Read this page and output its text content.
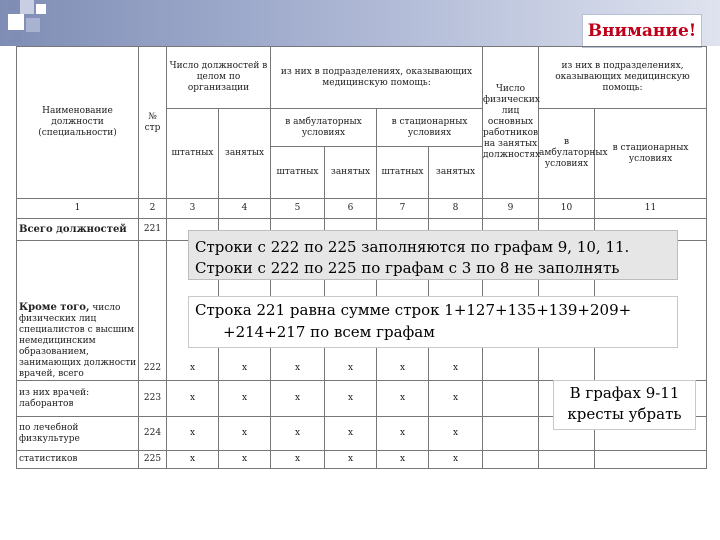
Внимание!
Наименование должности (специальности)	№ стр	Число должностей в целом по организации		из них в подразделениях, оказывающих медицинскую помощь:				Число физических лиц основных работников на занятых должностях	из них в подразделениях, оказывающих медицинскую помощь:	
		штатных	занятых	в амбулаторных условиях		в стационарных условиях			в амбулаторных условиях	в стационарных условиях
				штатных	занятых	штатных	занятых			
1	2	3	4	5	6	7	8	9	10	11
Всего должностей	221									
Кроме того, число физических лиц специалистов с высшим немедицинским образованием, занимающих должности врачей, всего	222	x	x	x	x	x	x			
из них врачей: лаборантов	223	x	x	x	x	x	x			
по лечебной физкультуре	224	x	x	x	x	x	x			
статистиков	225	x	x	x	x	x	x			
Строки с 222 по 225 заполняются по графам 9, 10, 11.
Строки с 222 по 225 по графам с 3 по 8 не заполнять
Строка 221 равна сумме строк 1+127+135+139+209+
+214+217 по всем графам
В графах 9-11 кресты убрать
